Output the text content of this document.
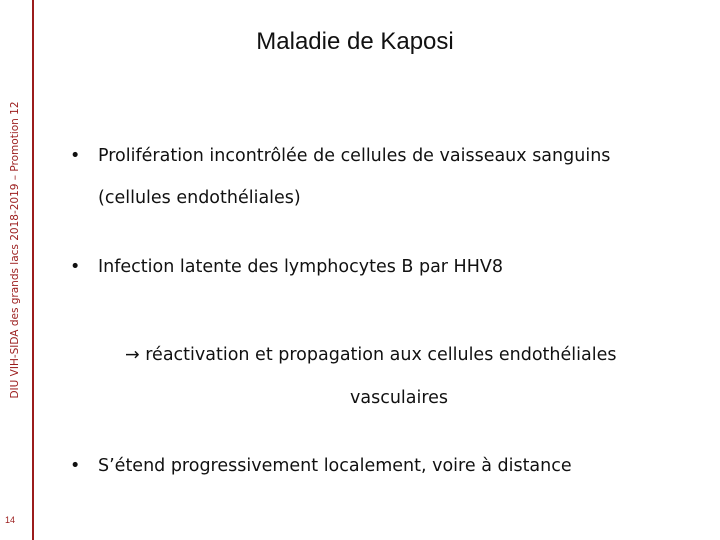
DIU VIH-SIDA des grands lacs 2018-2019 – Promotion 12
14
Maladie de Kaposi
• Prolifération incontrôlée de cellules de vaisseaux sanguins
(cellules endothéliales)
• Infection latente des lymphocytes B par HHV8
→ réactivation et propagation aux cellules endothéliales
vasculaires
• S’étend progressivement localement, voire à distance
